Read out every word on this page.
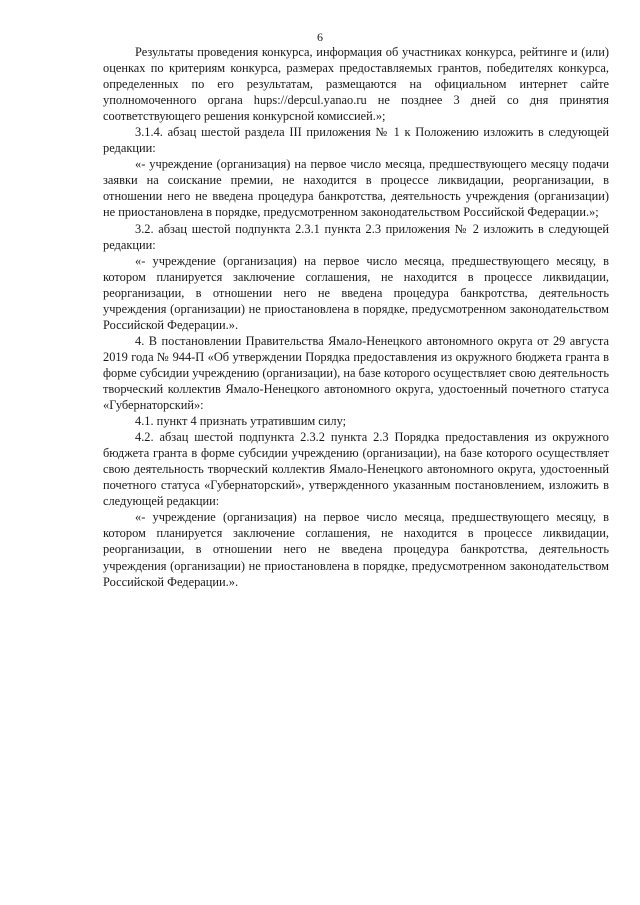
6

Результаты проведения конкурса, информация об участниках конкурса, рейтинге и (или) оценках по критериям конкурса, размерах предоставляемых грантов, победителях конкурса, определенных по его результатам, размещаются на официальном интернет сайте уполномоченного органа hups://depcul.yanao.ru не позднее 3 дней со дня принятия соответствующего решения конкурсной комиссией.»;

3.1.4. абзац шестой раздела III приложения № 1 к Положению изложить в следующей редакции:

«- учреждение (организация) на первое число месяца, предшествующего месяцу подачи заявки на соискание премии, не находится в процессе ликвидации, реорганизации, в отношении него не введена процедура банкротства, деятельность учреждения (организации) не приостановлена в порядке, предусмотренном законодательством Российской Федерации.»;

3.2. абзац шестой подпункта 2.3.1 пункта 2.3 приложения № 2 изложить в следующей редакции:

«- учреждение (организация) на первое число месяца, предшествующего месяцу, в котором планируется заключение соглашения, не находится в процессе ликвидации, реорганизации, в отношении него не введена процедура банкротства, деятельность учреждения (организации) не приостановлена в порядке, предусмотренном законодательством Российской Федерации.».

4. В постановлении Правительства Ямало-Ненецкого автономного округа от 29 августа 2019 года № 944-П «Об утверждении Порядка предоставления из окружного бюджета гранта в форме субсидии учреждению (организации), на базе которого осуществляет свою деятельность творческий коллектив Ямало-Ненецкого автономного округа, удостоенный почетного статуса «Губернаторский»:

4.1. пункт 4 признать утратившим силу;

4.2. абзац шестой подпункта 2.3.2 пункта 2.3 Порядка предоставления из окружного бюджета гранта в форме субсидии учреждению (организации), на базе которого осуществляет свою деятельность творческий коллектив Ямало-Ненецкого автономного округа, удостоенный почетного статуса «Губернаторский», утвержденного указанным постановлением, изложить в следующей редакции:

«- учреждение (организация) на первое число месяца, предшествующего месяцу, в котором планируется заключение соглашения, не находится в процессе ликвидации, реорганизации, в отношении него не введена процедура банкротства, деятельность учреждения (организации) не приостановлена в порядке, предусмотренном законодательством Российской Федерации.».
